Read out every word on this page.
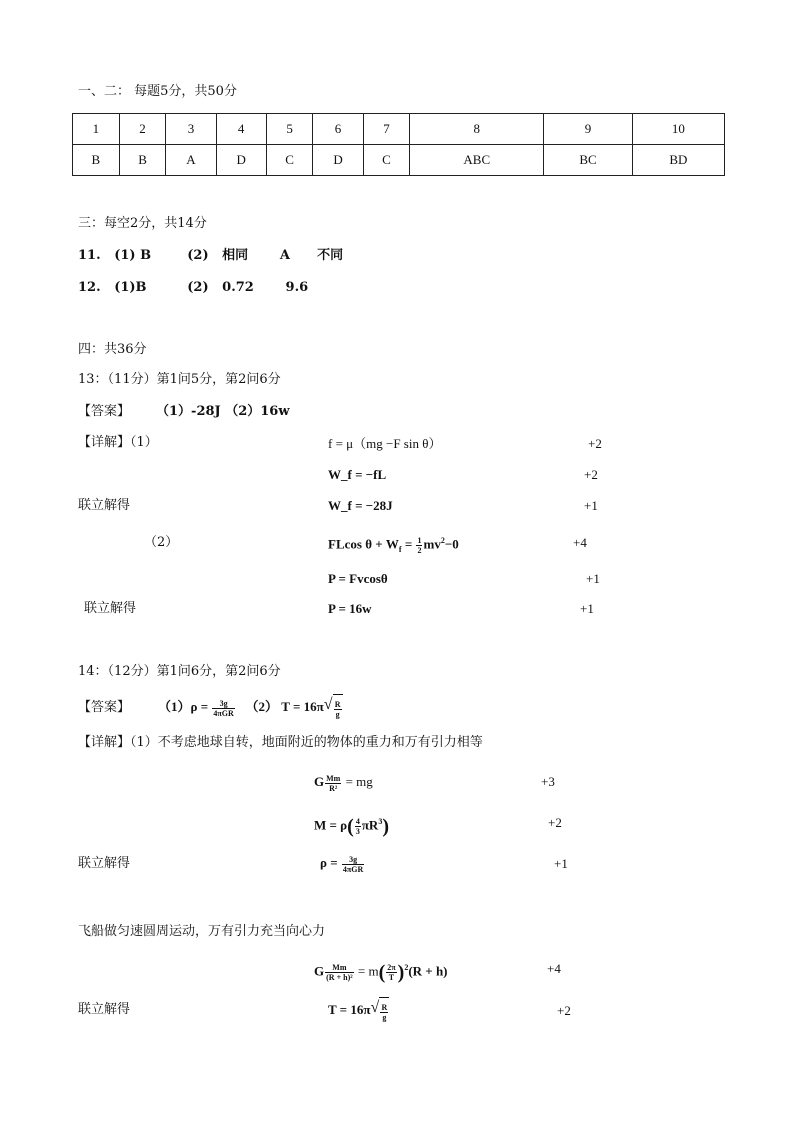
一、二： 每题5分，共50分
1	2	3	4	5	6	7	8	9	10
B	B	A	D	C	D	C	ABC	BC	BD
三：每空2分，共14分
11.   (1) B        (2)   相同       A      不同
12.   (1)B         (2)   0.72       9.6
四：共36分
13：（11分）第1问5分，第2问6分
【答案】 （1）-28J （2）16w
【详解】（1）	f = μ（mg −F sin θ）	+2
W_f = −fL	+2
联立解得	W_f = −28J	+1
（2）	FLcos $\theta + W_f = \frac{1}{2} mv^2-0$	+4
P = Fvcosθ	+1
联立解得	P = 16w	+1
14：（12分）第1问6分，第2问6分
【答案】 $(1)\rho = \frac{3g}{\text{4πGR}} (2) T = 16\pi$ √ $\frac{R}{g}$
【详解】（1）不考虑地球自转，地面附近的物体的重力和万有引力相等
G $\frac{Mm}{\text{R²}}$ = mg	+3
$M = \rho( \frac{4}{3} \pi R^3)$	+2
联立解得	$\rho = \frac{3g}{\text{4πGR}}$	+1
飞船做匀速圆周运动，万有引力充当向心力
G $\frac{Mm}{\text{(R + h)²}} = m( \frac{2\pi}{T} )^2(R + h)$	+4
联立解得	T = 16π √ $\frac{R}{g}$	+2
